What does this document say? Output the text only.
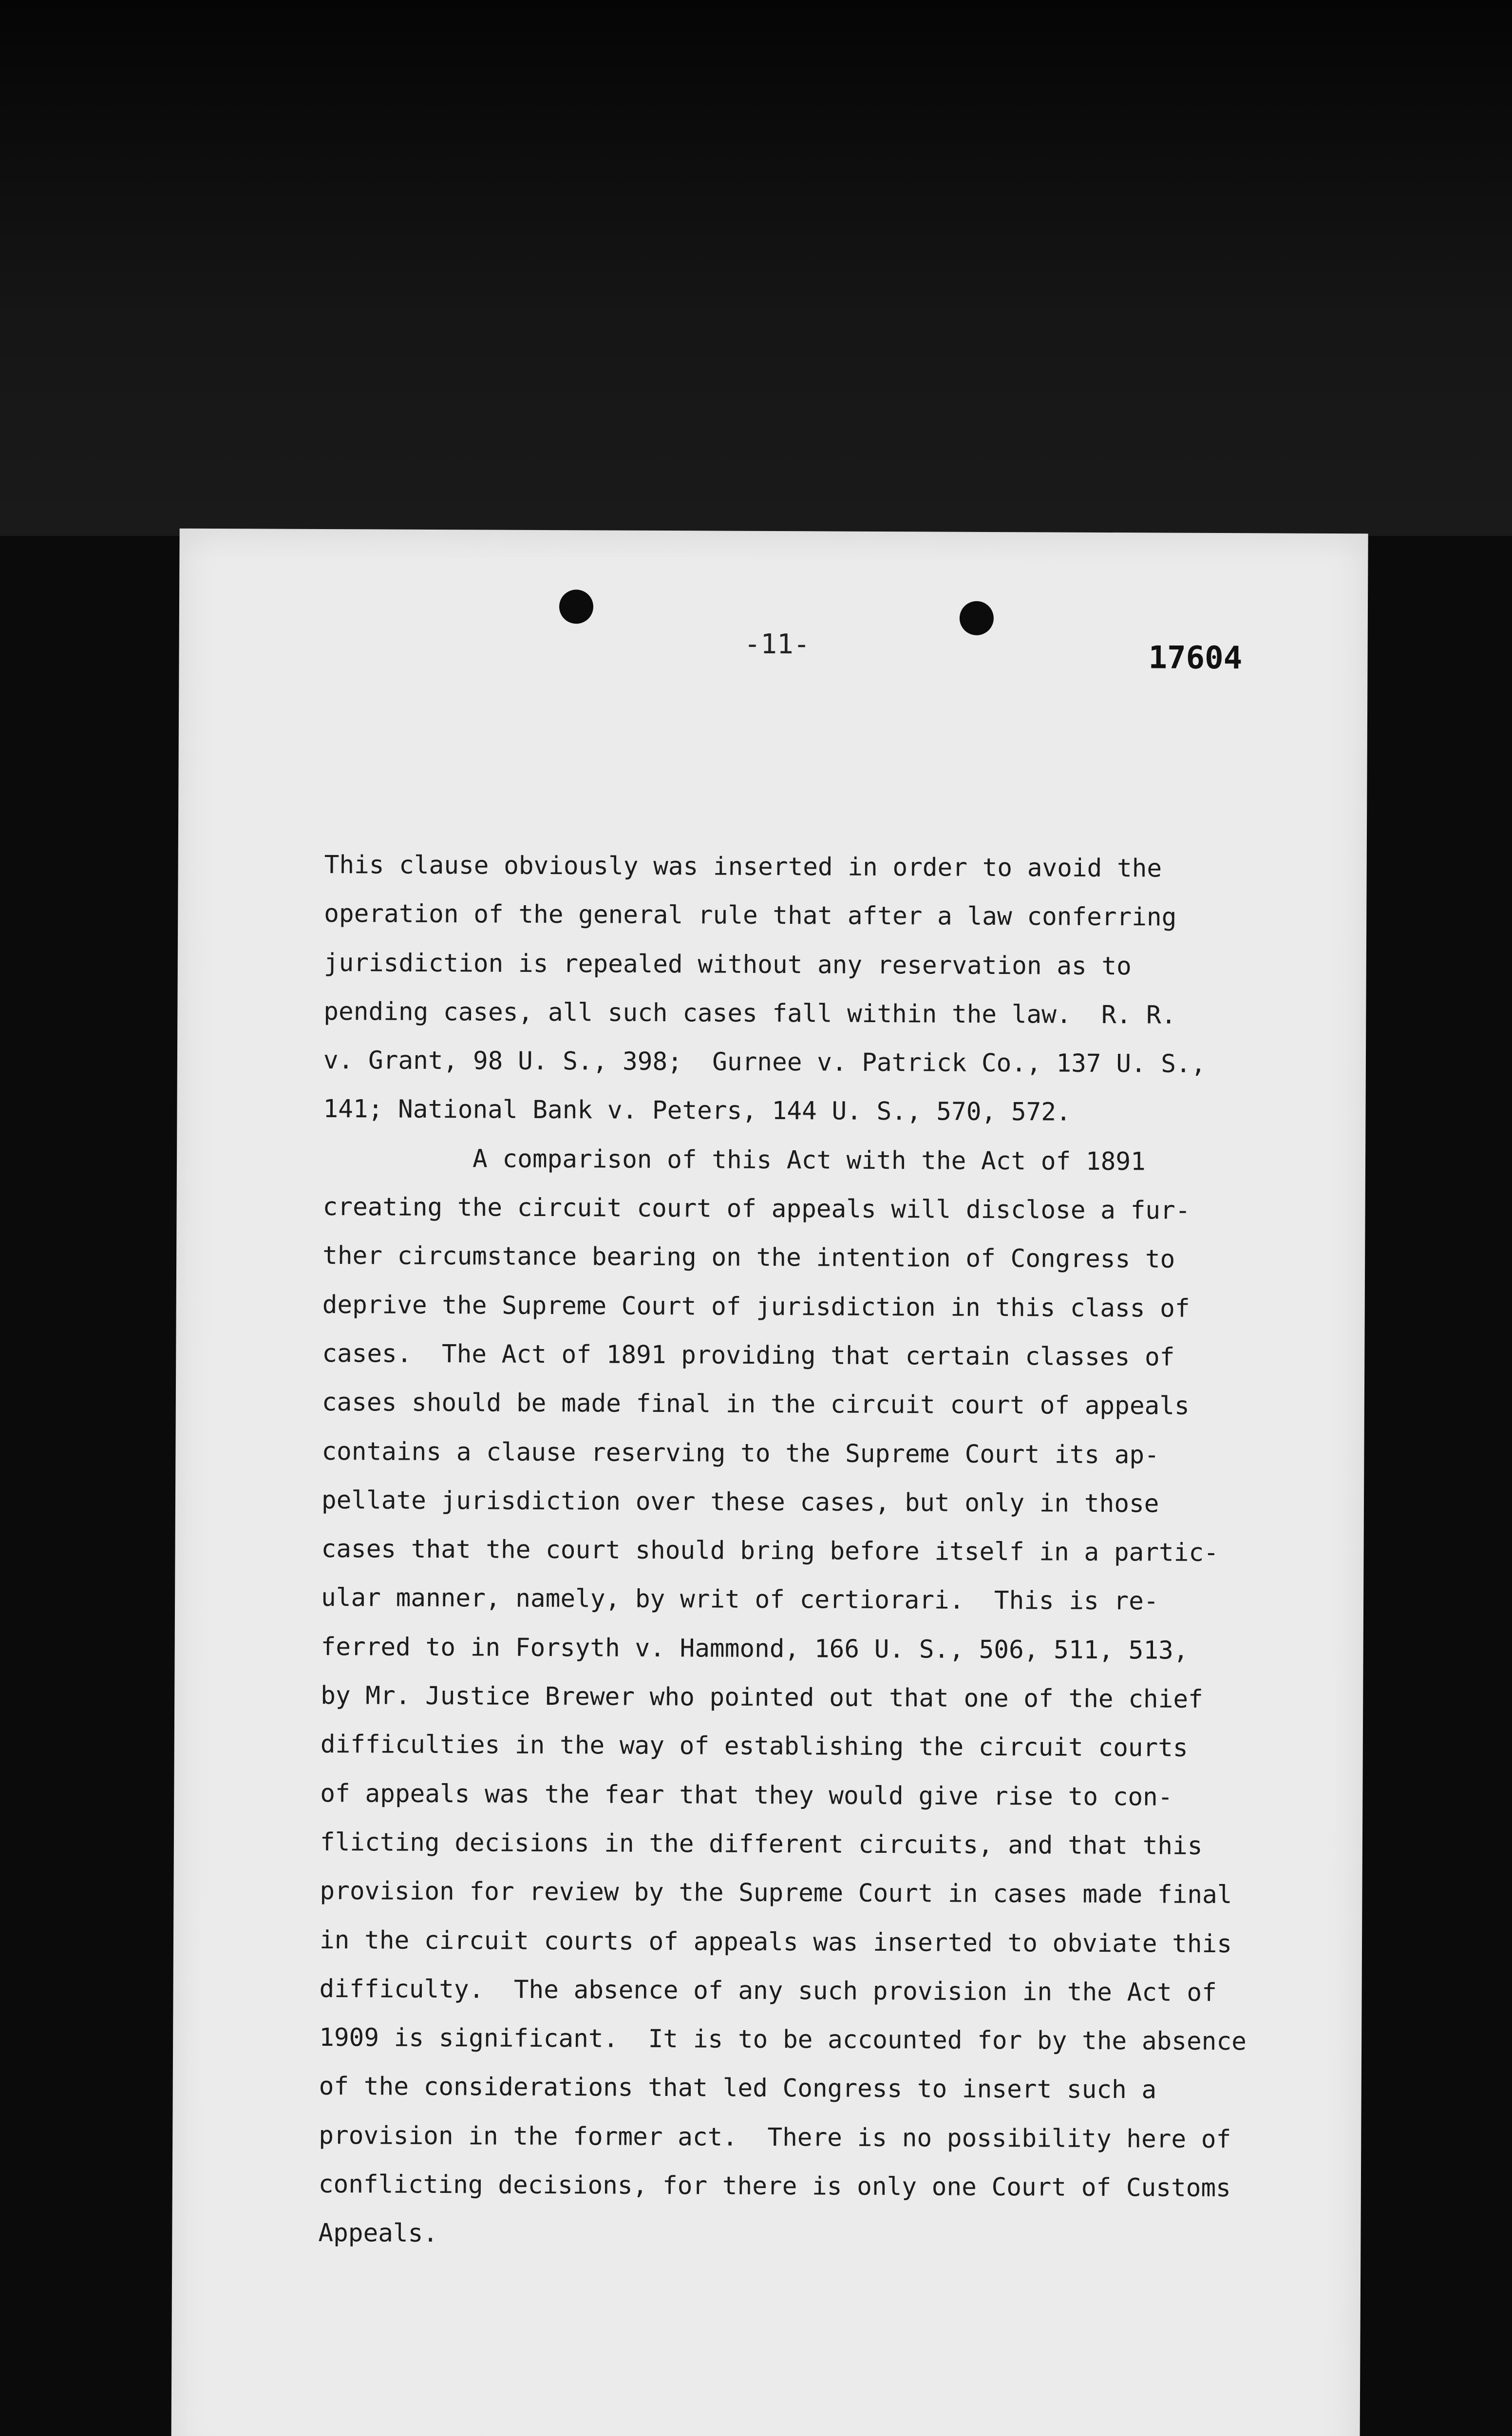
-11-	17604
This clause obviously was inserted in order to avoid the
operation of the general rule that after a law conferring
jurisdiction is repealed without any reservation as to
pending cases, all such cases fall within the law.  R. R.
v. Grant, 98 U. S., 398;  Gurnee v. Patrick Co., 137 U. S.,
141; National Bank v. Peters, 144 U. S., 570, 572.
A comparison of this Act with the Act of 1891
creating the circuit court of appeals will disclose a fur-
ther circumstance bearing on the intention of Congress to
deprive the Supreme Court of jurisdiction in this class of
cases.  The Act of 1891 providing that certain classes of
cases should be made final in the circuit court of appeals
contains a clause reserving to the Supreme Court its ap-
pellate jurisdiction over these cases, but only in those
cases that the court should bring before itself in a partic-
ular manner, namely, by writ of certiorari.  This is re-
ferred to in Forsyth v. Hammond, 166 U. S., 506, 511, 513,
by Mr. Justice Brewer who pointed out that one of the chief
difficulties in the way of establishing the circuit courts
of appeals was the fear that they would give rise to con-
flicting decisions in the different circuits, and that this
provision for review by the Supreme Court in cases made final
in the circuit courts of appeals was inserted to obviate this
difficulty.  The absence of any such provision in the Act of
1909 is significant.  It is to be accounted for by the absence
of the considerations that led Congress to insert such a
provision in the former act.  There is no possibility here of
conflicting decisions, for there is only one Court of Customs
Appeals.
